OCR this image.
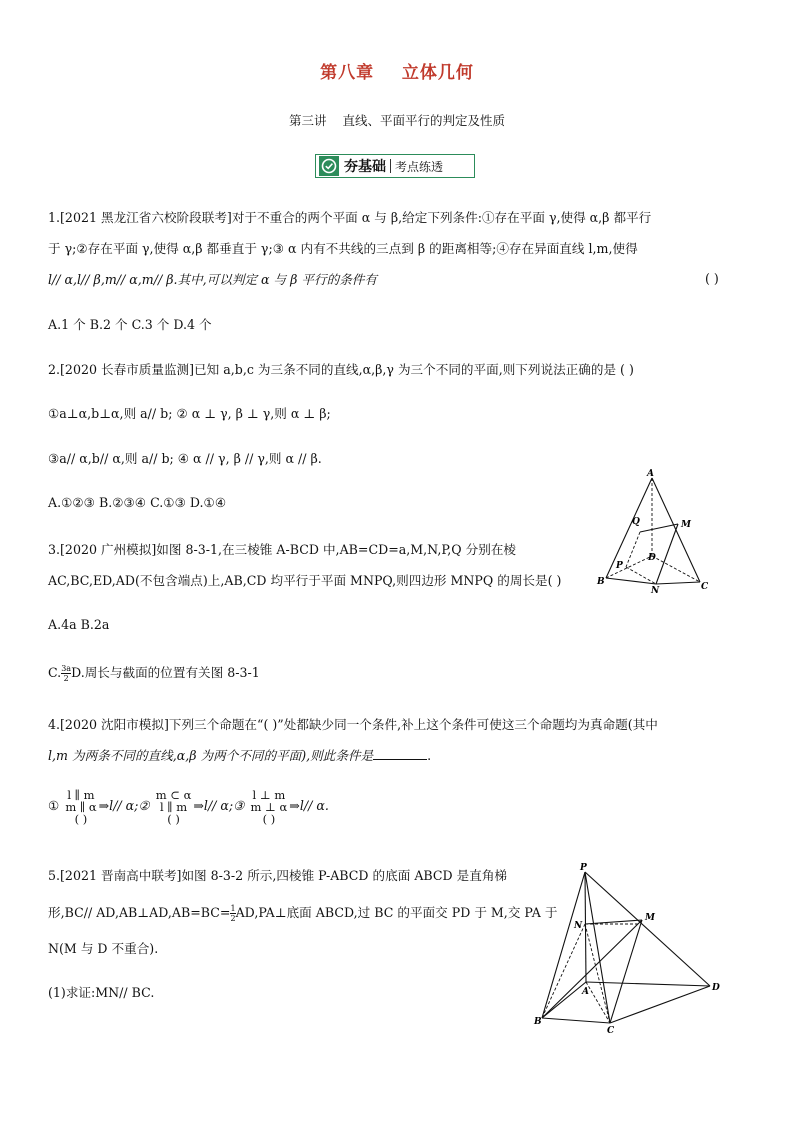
第八章    立体几何
第三讲    直线、平面平行的判定及性质
夯基础 考点练透
1.[2021 黑龙江省六校阶段联考]对于不重合的两个平面 α 与 β,给定下列条件:①存在平面 γ,使得 α,β 都平行
于 γ;②存在平面 γ,使得 α,β 都垂直于 γ;③ α 内有不共线的三点到 β 的距离相等;④存在异面直线 l,m,使得
l// α,l// β,m// α,m// β.其中,可以判定 α 与 β 平行的条件有	( )
A.1 个 B.2 个 C.3 个 D.4 个
2.[2020 长春市质量监测]已知 a,b,c 为三条不同的直线,α,β,γ 为三个不同的平面,则下列说法正确的是 ( )
①a⊥α,b⊥α,则 a// b; ② α ⊥ γ, β ⊥ γ,则 α ⊥ β;
③a// α,b// α,则 a// b; ④ α // γ, β // γ,则 α // β.
A.①②③ B.②③④ C.①③ D.①④
A
Q	M
D
P
B
N	C
3.[2020 广州模拟]如图 8-3-1,在三棱锥 A-BCD 中,AB=CD=a,M,N,P,Q 分别在棱
AC,BC,ED,AD(不包含端点)上,AB,CD 均平行于平面 MNPQ,则四边形 MNPQ 的周长是( )
A.4a B.2a
C. $\frac{3a}{2} D$.周长与截面的位置有关图 8-3-1
4.[2020 沈阳市模拟]下列三个命题在“( )”处都缺少同一个条件,补上这个条件可使这三个命题均为真命题(其中
l,m 为两条不同的直线,α,β 为两个不同的平面),则此条件是	.
①
l ∥ m
m ∥ α
( )
⇒l// α;②
m ⊂ α
l ∥ m
( )
⇒l// α;③
l ⊥ m
m ⊥ α
( )
⇒l// α.
5.[2021 晋南高中联考]如图 8-3-2 所示,四棱锥 P-ABCD 的底面 ABCD 是直角梯
形,BC// AD,AB⊥AD,AB=BC= $\frac{1}{2}$ AD,PA⊥底面 ABCD,过 BC 的平面交 PD 于 M,交 PA 于
N(M 与 D 不重合).
(1)求证:MN// BC.
P
N
M
A	D
B
C
